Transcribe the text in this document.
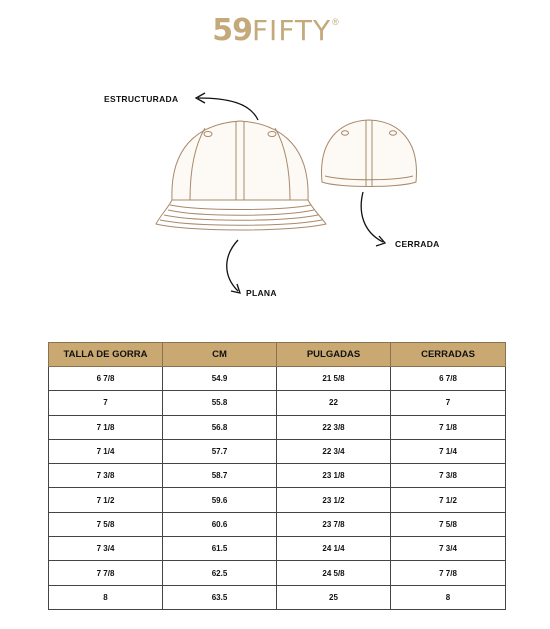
59FIFTY®
ESTRUCTURADA
PLANA
CERRADA
TALLA DE GORRA	CM	PULGADAS	CERRADAS
6 7/8	54.9	21 5/8	6 7/8
7	55.8	22	7
7 1/8	56.8	22 3/8	7 1/8
7 1/4	57.7	22 3/4	7 1/4
7 3/8	58.7	23 1/8	7 3/8
7 1/2	59.6	23 1/2	7 1/2
7 5/8	60.6	23 7/8	7 5/8
7 3/4	61.5	24 1/4	7 3/4
7 7/8	62.5	24 5/8	7 7/8
8	63.5	25	8
